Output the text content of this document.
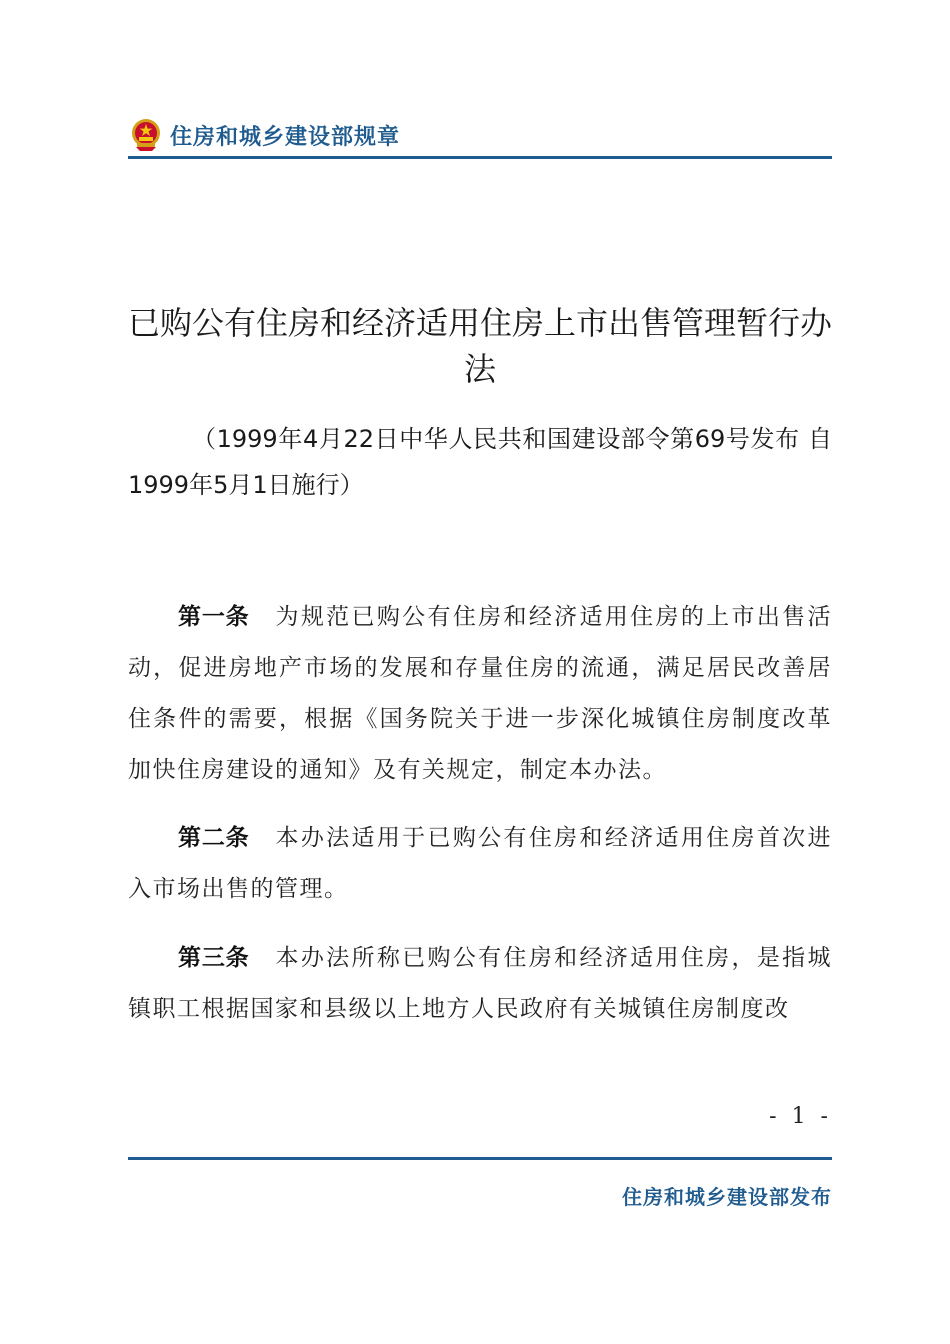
住房和城乡建设部规章
已购公有住房和经济适用住房上市出售管理暂行办法
（1999年4月22日中华人民共和国建设部令第69号发布 自1999年5月1日施行）
第一条 为规范已购公有住房和经济适用住房的上市出售活动，促进房地产市场的发展和存量住房的流通，满足居民改善居住条件的需要，根据《国务院关于进一步深化城镇住房制度改革加快住房建设的通知》及有关规定，制定本办法。
第二条 本办法适用于已购公有住房和经济适用住房首次进入市场出售的管理。
第三条 本办法所称已购公有住房和经济适用住房，是指城镇职工根据国家和县级以上地方人民政府有关城镇住房制度改
- 1 -
住房和城乡建设部发布
